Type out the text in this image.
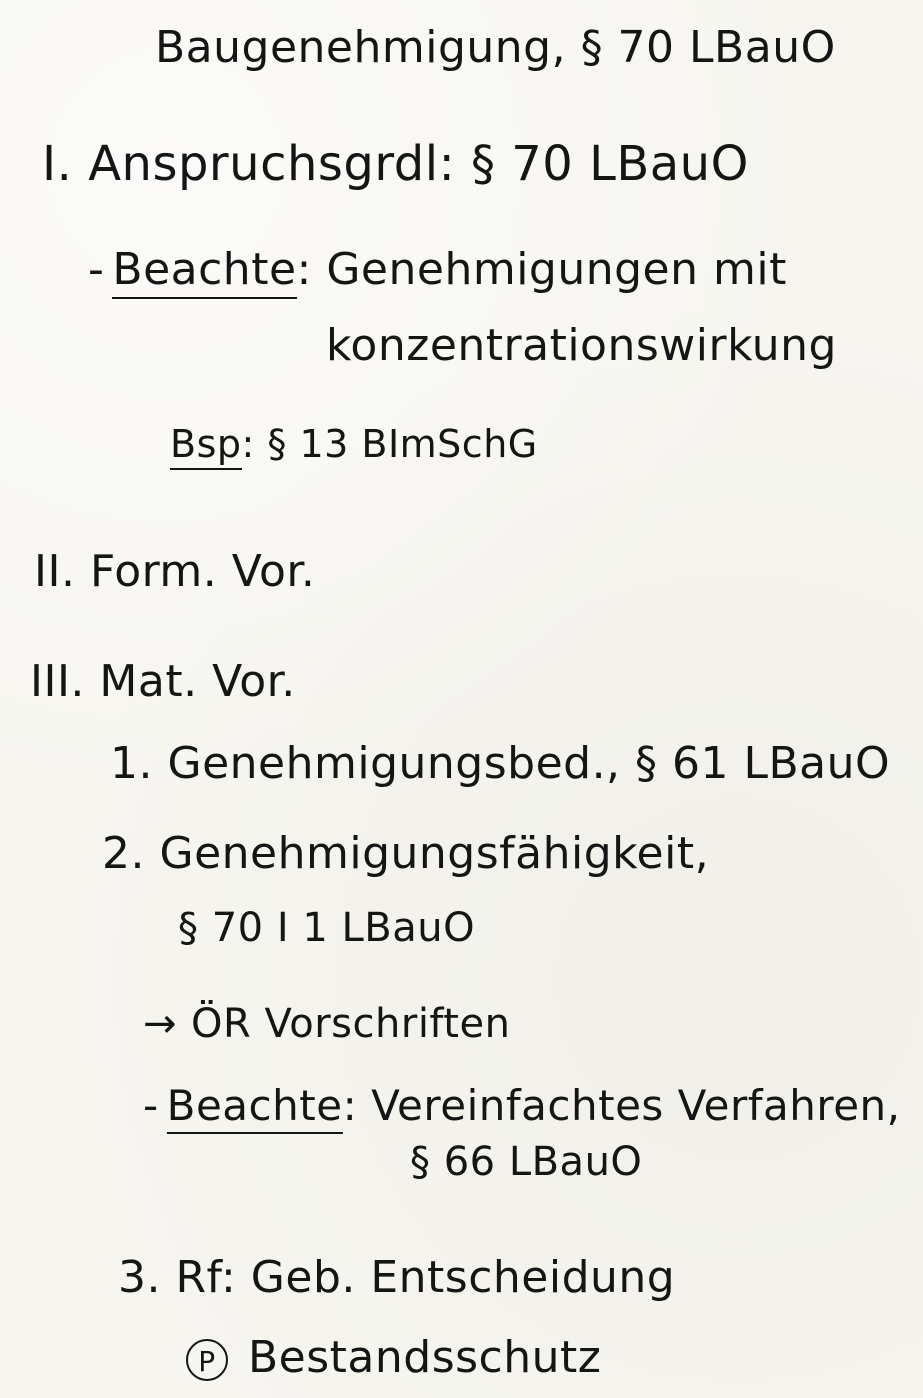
Baugenehmigung, § 70 LBauO
I. Anspruchsgrdl: § 70 LBauO
- Beachte: Genehmigungen mit
konzentrationswirkung
Bsp: § 13 BImSchG
II. Form. Vor.
III. Mat. Vor.
1. Genehmigungsbed., § 61 LBauO
2. Genehmigungsfähigkeit,
§ 70 I 1 LBauO
→ ÖR Vorschriften
- Beachte: Vereinfachtes Verfahren,
§ 66 LBauO
3. Rf: Geb. Entscheidung
P Bestandsschutz
